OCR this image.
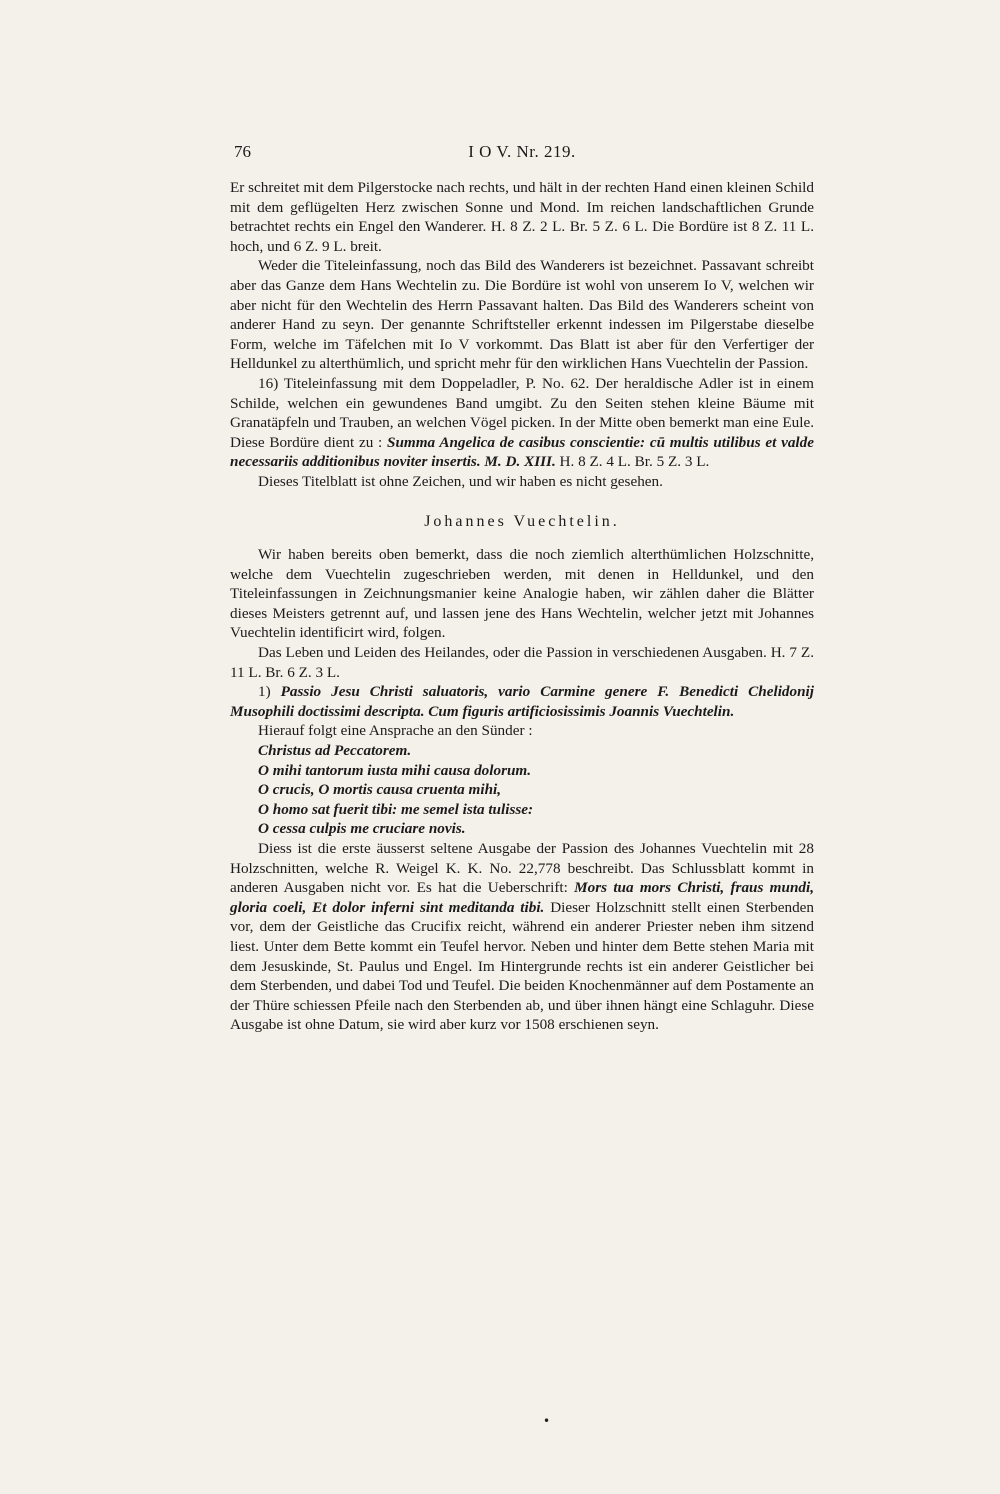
76	I O V. Nr. 219.

Er schreitet mit dem Pilgerstocke nach rechts, und hält in der rechten Hand einen kleinen Schild mit dem geflügelten Herz zwischen Sonne und Mond. Im reichen landschaftlichen Grunde betrachtet rechts ein Engel den Wanderer. H. 8 Z. 2 L. Br. 5 Z. 6 L. Die Bordüre ist 8 Z. 11 L. hoch, und 6 Z. 9 L. breit.

Weder die Titeleinfassung, noch das Bild des Wanderers ist bezeichnet. Passavant schreibt aber das Ganze dem Hans Wechtelin zu. Die Bordüre ist wohl von unserem Io V, welchen wir aber nicht für den Wechtelin des Herrn Passavant halten. Das Bild des Wanderers scheint von anderer Hand zu seyn. Der genannte Schriftsteller erkennt indessen im Pilgerstabe dieselbe Form, welche im Täfelchen mit Io V vorkommt. Das Blatt ist aber für den Verfertiger der Helldunkel zu alterthümlich, und spricht mehr für den wirklichen Hans Vuechtelin der Passion.

16) Titeleinfassung mit dem Doppeladler, P. No. 62. Der heraldische Adler ist in einem Schilde, welchen ein gewundenes Band umgibt. Zu den Seiten stehen kleine Bäume mit Granatäpfeln und Trauben, an welchen Vögel picken. In der Mitte oben bemerkt man eine Eule. Diese Bordüre dient zu : Summa Angelica de casibus conscientie: cū multis utilibus et valde necessariis additionibus noviter insertis. M. D. XIII. H. 8 Z. 4 L. Br. 5 Z. 3 L.

Dieses Titelblatt ist ohne Zeichen, und wir haben es nicht gesehen.

Johannes Vuechtelin.

Wir haben bereits oben bemerkt, dass die noch ziemlich alterthümlichen Holzschnitte, welche dem Vuechtelin zugeschrieben werden, mit denen in Helldunkel, und den Titeleinfassungen in Zeichnungsmanier keine Analogie haben, wir zählen daher die Blätter dieses Meisters getrennt auf, und lassen jene des Hans Wechtelin, welcher jetzt mit Johannes Vuechtelin identificirt wird, folgen.

Das Leben und Leiden des Heilandes, oder die Passion in verschiedenen Ausgaben. H. 7 Z. 11 L. Br. 6 Z. 3 L.

1) Passio Jesu Christi saluatoris, vario Carmine genere F. Benedicti Chelidonij Musophili doctissimi descripta. Cum figuris artificiosissimis Joannis Vuechtelin.

Hierauf folgt eine Ansprache an den Sünder :

Christus ad Peccatorem.

O mihi tantorum iusta mihi causa dolorum.

O crucis, O mortis causa cruenta mihi,

O homo sat fuerit tibi: me semel ista tulisse:

O cessa culpis me cruciare novis.

Diess ist die erste äusserst seltene Ausgabe der Passion des Johannes Vuechtelin mit 28 Holzschnitten, welche R. Weigel K. K. No. 22,778 beschreibt. Das Schlussblatt kommt in anderen Ausgaben nicht vor. Es hat die Ueberschrift: Mors tua mors Christi, fraus mundi, gloria coeli, Et dolor inferni sint meditanda tibi. Dieser Holzschnitt stellt einen Sterbenden vor, dem der Geistliche das Crucifix reicht, während ein anderer Priester neben ihm sitzend liest. Unter dem Bette kommt ein Teufel hervor. Neben und hinter dem Bette stehen Maria mit dem Jesuskinde, St. Paulus und Engel. Im Hintergrunde rechts ist ein anderer Geistlicher bei dem Sterbenden, und dabei Tod und Teufel. Die beiden Knochenmänner auf dem Postamente an der Thüre schiessen Pfeile nach den Sterbenden ab, und über ihnen hängt eine Schlaguhr. Diese Ausgabe ist ohne Datum, sie wird aber kurz vor 1508 erschienen seyn.

•
